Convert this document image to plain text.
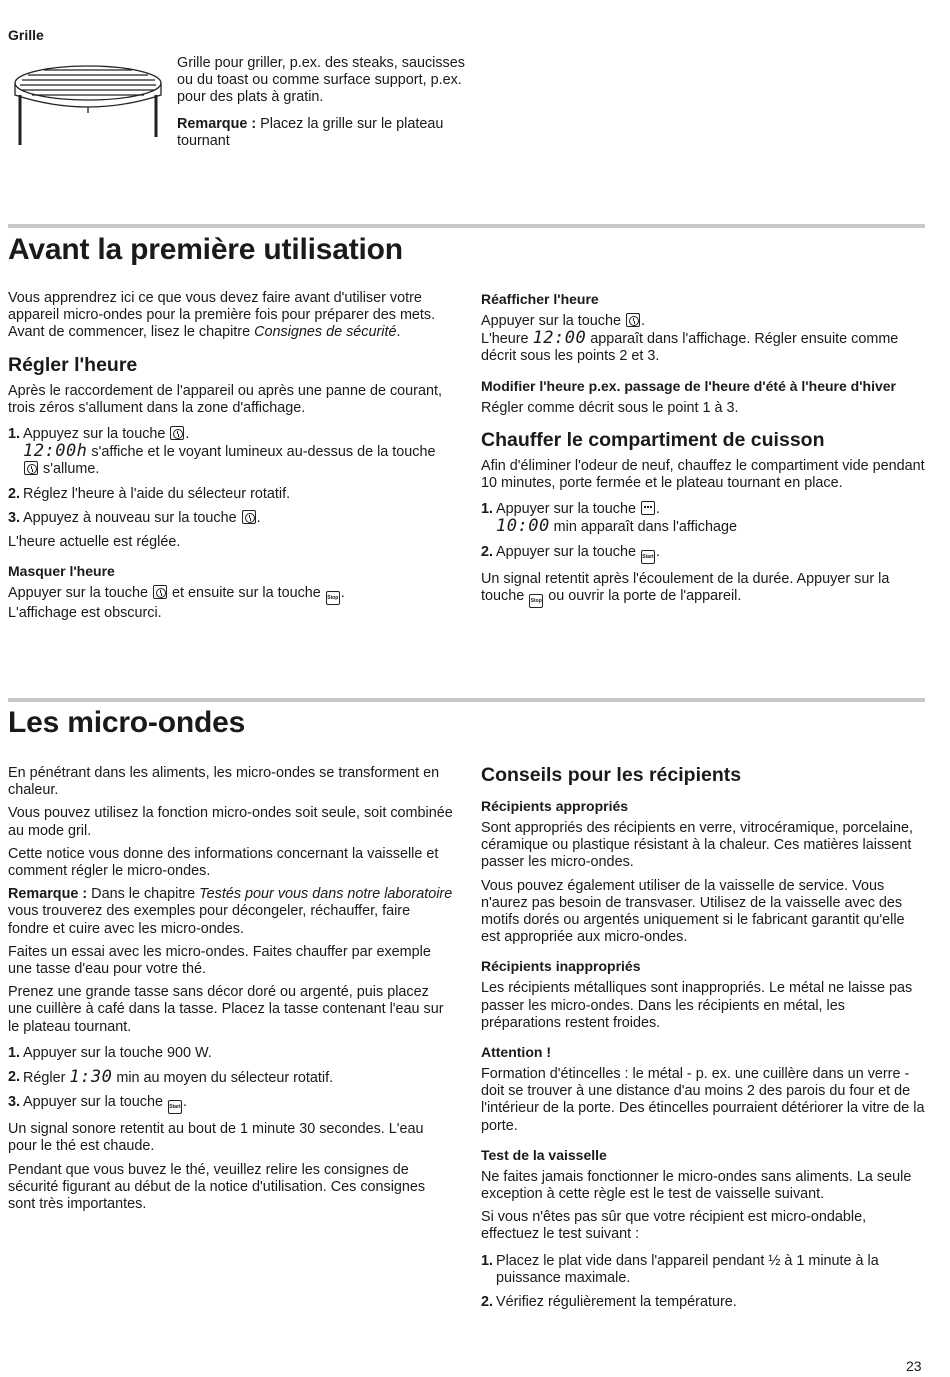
Grille

Grille pour griller, p.ex. des steaks, saucisses ou du toast ou comme surface support, p.ex. pour des plats à gratin.

Remarque : Placez la grille sur le plateau tournant

Avant la première utilisation

Vous apprendrez ici ce que vous devez faire avant d'utiliser votre appareil micro-ondes pour la première fois pour préparer des mets. Avant de commencer, lisez le chapitre Consignes de sécurité.

Régler l'heure

Après le raccordement de l'appareil ou après une panne de courant, trois zéros s'allument dans la zone d'affichage.

1. Appuyez sur la touche .
12:00h s'affiche et le voyant lumineux au-dessus de la touche  s'allume.
2. Réglez l'heure à l'aide du sélecteur rotatif.
3. Appuyez à nouveau sur la touche .

L'heure actuelle est réglée.

Masquer l'heure

Appuyer sur la touche  et ensuite sur la touche Stop .
L'affichage est obscurci.

Réafficher l'heure

Appuyer sur la touche .
L'heure 12:00 apparaît dans l'affichage. Régler ensuite comme décrit sous les points 2 et 3.

Modifier l'heure p.ex. passage de l'heure d'été à l'heure d'hiver

Régler comme décrit sous le point 1 à 3.

Chauffer le compartiment de cuisson

Afin d'éliminer l'odeur de neuf, chauffez le compartiment vide pendant 10 minutes, porte fermée et le plateau tournant en place.

1. Appuyer sur la touche .
10:00 min apparaît dans l'affichage
2. Appuyer sur la touche Start .

Un signal retentit après l'écoulement de la durée. Appuyer sur la touche Stop ou ouvrir la porte de l'appareil.

Les micro-ondes

En pénétrant dans les aliments, les micro-ondes se transforment en chaleur.

Vous pouvez utilisez la fonction micro-ondes soit seule, soit combinée au mode gril.

Cette notice vous donne des informations concernant la vaisselle et comment régler le micro-ondes.

Remarque : Dans le chapitre Testés pour vous dans notre laboratoire vous trouverez des exemples pour décongeler, réchauffer, faire fondre et cuire avec les micro-ondes.

Faites un essai avec les micro-ondes. Faites chauffer par exemple une tasse d'eau pour votre thé.

Prenez une grande tasse sans décor doré ou argenté, puis placez une cuillère à café dans la tasse. Placez la tasse contenant l'eau sur le plateau tournant.

1. Appuyer sur la touche 900 W.
2. Régler 1:30 min au moyen du sélecteur rotatif.
3. Appuyer sur la touche Start .

Un signal sonore retentit au bout de 1 minute 30 secondes. L'eau pour le thé est chaude.

Pendant que vous buvez le thé, veuillez relire les consignes de sécurité figurant au début de la notice d'utilisation. Ces consignes sont très importantes.

Conseils pour les récipients
Récipients appropriés

Sont appropriés des récipients en verre, vitrocéramique, porcelaine, céramique ou plastique résistant à la chaleur. Ces matières laissent passer les micro-ondes.

Vous pouvez également utiliser de la vaisselle de service. Vous n'aurez pas besoin de transvaser. Utilisez de la vaisselle avec des motifs dorés ou argentés uniquement si le fabricant garantit qu'elle est appropriée aux micro-ondes.

Récipients inappropriés

Les récipients métalliques sont inappropriés. Le métal ne laisse pas passer les micro-ondes. Dans les récipients en métal, les préparations restent froides.

Attention !

Formation d'étincelles : le métal - p. ex. une cuillère dans un verre - doit se trouver à une distance d'au moins 2 des parois du four et de l'intérieur de la porte. Des étincelles pourraient détériorer la vitre de la porte.

Test de la vaisselle

Ne faites jamais fonctionner le micro-ondes sans aliments. La seule exception à cette règle est le test de vaisselle suivant.

Si vous n'êtes pas sûr que votre récipient est micro-ondable, effectuez le test suivant :

1. Placez le plat vide dans l'appareil pendant ½ à 1 minute à la puissance maximale.
2. Vérifiez régulièrement la température.
23
